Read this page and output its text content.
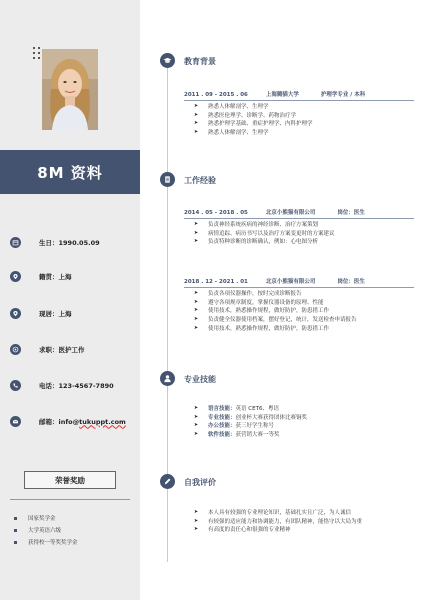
8M 资料
生日：1990.05.09
籍贯：上海
现居：上海
求职：医护工作
电话：123-4567-7890
邮箱：info@tukuppt.com
荣誉奖励
国家奖学金
大学英语六级
获得校一等奖奖学金
教育背景
2011 . 09 - 2015 . 06	上海腾猫大学	护理学专业 / 本科
➤	熟悉人体解剖学、生理学
➤	熟悉医伦理学、诊断学、药物治疗学
➤	熟悉护理学基础、重症护理学、内科护理学
➤	熟悉人体解剖学、生理学
工作经验
2014 . 05 - 2018 . 05	北京小熊猫有限公司	岗位：医生
➤	负责神经系统疾病的神经诊断、治疗方案策划
➤	病情追踪、病历书写以及治疗方案变更时的方案建议
➤	负责特种诊断的诊断确认，例如：心电图分析
2018 . 12 - 2021 . 01	北京小熊猫有限公司	岗位：医生
➤	负责各项仪器操作，按时完成诊断报告
➤	遵守各项规章制度，掌握仪器设备的原理、性能
➤	使用技术，熟悉操作规程，做好防护，防患措工作
➤	负责健全仪器使用档案，摆好登记，统计，发送检查申请报告
➤	使用技术，熟悉操作规程，做好防护，防患措工作
专业技能
➤	语言技能： 英语 CET6、粤语
➤	专业技能： 创业杯大赛获得团体比赛铜奖
➤	办公技能： 获三好学生称号
➤	软件技能： 获营销大赛一等奖
自我评价
➤	本人具有较强的专业理论知识，基础扎实且广泛，为人诚信
➤	有较强的适应能力和协调能力，有团队精神，能恪守以大局为重
➤	有高度的责任心和很强的专业精神
